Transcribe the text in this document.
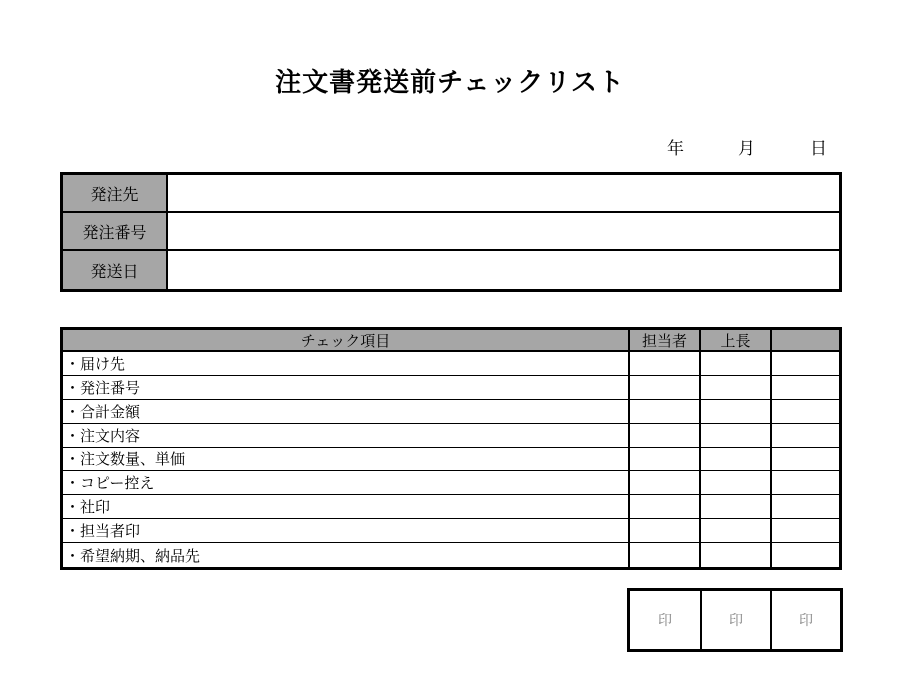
注文書発送前チェックリスト
年	月	日
発注先
発注番号
発送日
チェック項目	担当者	上長
・届け先
・発注番号
・合計金額
・注文内容
・注文数量、単価
・コピー控え
・社印
・担当者印
・希望納期、納品先
印	印	印
